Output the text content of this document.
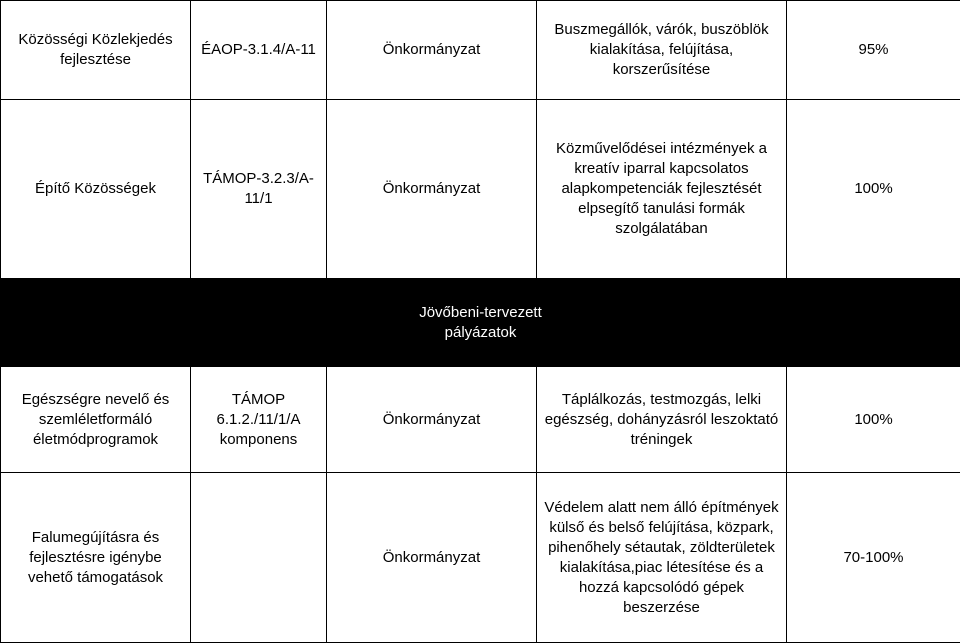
Közösségi Közlekjedés fejlesztése	ÉAOP-3.1.4/A-11	Önkormányzat	Buszmegállók, várók, buszöblök kialakítása, felújítása, korszerűsítése	95%
Építő Közösségek	TÁMOP-3.2.3/A-11/1	Önkormányzat	Közművelődései intézmények a kreatív iparral kapcsolatos alapkompetenciák fejlesztését elpsegítő tanulási formák szolgálatában	100%
Jövőbeni-tervezett pályázatok				
Egészségre nevelő és szemléletformáló életmódprogramok	TÁMOP 6.1.2./11/1/A komponens	Önkormányzat	Táplálkozás, testmozgás, lelki egészség, dohányzásról leszoktató tréningek	100%
Falumegújításra és fejlesztésre igénybe vehető támogatások		Önkormányzat	Védelem alatt nem álló építmények külső és belső felújítása, közpark, pihenőhely sétautak, zöldterületek kialakítása,piac létesítése és a hozzá kapcsolódó gépek beszerzése	70-100%
